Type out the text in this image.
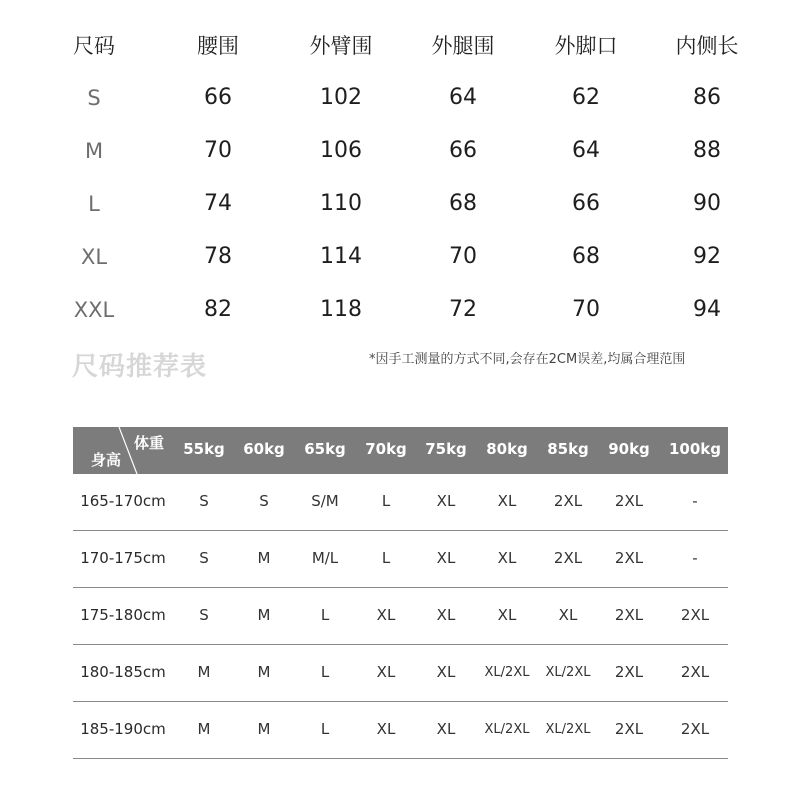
尺码	腰围	外臂围	外腿围	外脚口	内侧长
S	66	102	64	62	86
M	70	106	66	64	88
L	74	110	68	66	90
XL	78	114	70	68	92
XXL	82	118	72	70	94
尺码推荐表	*因手工测量的方式不同,会存在2CM误差,均属合理范围
体重
身高
55kg	60kg	65kg	70kg	75kg	80kg	85kg	90kg	100kg
165-170cm	S	S	S/M	L	XL	XL	2XL	2XL	-
170-175cm	S	M	M/L	L	XL	XL	2XL	2XL	-
175-180cm	S	M	L	XL	XL	XL	XL	2XL	2XL
180-185cm	M	M	L	XL	XL	XL/2XL	XL/2XL	2XL	2XL
185-190cm	M	M	L	XL	XL	XL/2XL	XL/2XL	2XL	2XL
